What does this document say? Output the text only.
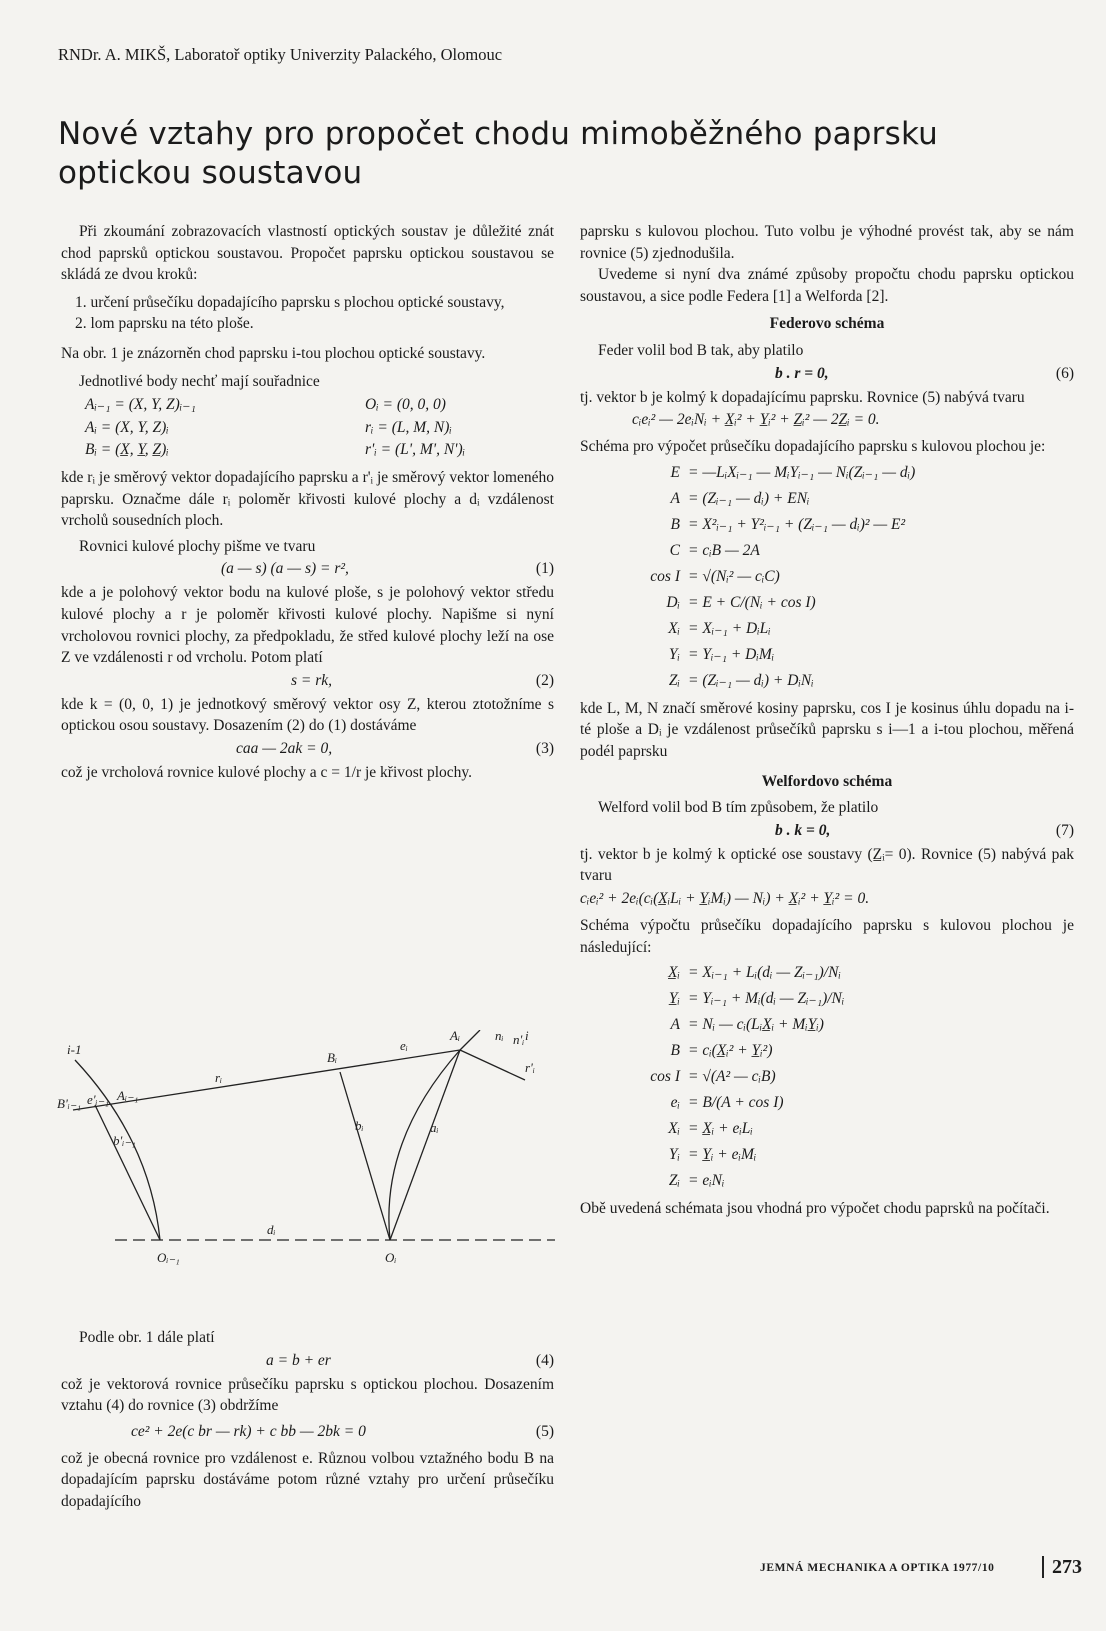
RNDr. A. MIKŠ, Laboratoř optiky Univerzity Palackého, Olomouc
Nové vztahy pro propočet chodu mimoběžného paprsku optickou soustavou

Při zkoumání zobrazovacích vlastností optických soustav je důležité znát chod paprsků optickou soustavou. Propočet paprsku optickou soustavou se skládá ze dvou kroků:

1. určení průsečíku dopadajícího paprsku s plochou optické soustavy,

2. lom paprsku na této ploše.

Na obr. 1 je znázorněn chod paprsku i-tou plochou optické soustavy.

Jednotlivé body nechť mají souřadnice

Aᵢ₋₁ = (X, Y, Z)ᵢ₋₁	Oᵢ = (0, 0, 0)
Aᵢ = (X, Y, Z)ᵢ	rᵢ = (L, M, N)ᵢ
Bᵢ = (X̲, Y̲, Z̲)ᵢ	r'ᵢ = (L', M', N')ᵢ

kde rᵢ je směrový vektor dopadajícího paprsku a r'ᵢ je směrový vektor lomeného paprsku. Označme dále rᵢ poloměr křivosti kulové plochy a dᵢ vzdálenost vrcholů sousedních ploch.

Rovnici kulové plochy pišme ve tvaru

(a — s) (a — s) = r²,	(1)

kde a je polohový vektor bodu na kulové ploše, s je polohový vektor středu kulové plochy a r je poloměr křivosti kulové plochy. Napišme si nyní vrcholovou rovnici plochy, za předpokladu, že střed kulové plochy leží na ose Z ve vzdálenosti r od vrcholu. Potom platí

s = rk,	(2)

kde k = (0, 0, 1) je jednotkový směrový vektor osy Z, kterou ztotožníme s optickou osou soustavy. Dosazením (2) do (1) dostáváme

caa — 2ak = 0,	(3)

což je vrcholová rovnice kulové plochy a c = 1/r je křivost plochy.

i-1
B'ᵢ₋₁ e'ᵢ₋₁ Aᵢ₋₁
b'ᵢ₋₁
rᵢ
Bᵢ
eᵢ
Aᵢ	nᵢ n'ᵢ i
bᵢ	aᵢ
r'ᵢ
Oᵢ₋₁
dᵢ
Oᵢ

Podle obr. 1 dále platí

a = b + er	(4)

což je vektorová rovnice průsečíku paprsku s optickou plochou. Dosazením vztahu (4) do rovnice (3) obdržíme

ce² + 2e(c br — rk) + c bb — 2bk = 0	(5)

což je obecná rovnice pro vzdálenost e. Různou volbou vztažného bodu B na dopadajícím paprsku dostáváme potom různé vztahy pro určení průsečíku dopadajícího

paprsku s kulovou plochou. Tuto volbu je výhodné provést tak, aby se nám rovnice (5) zjednodušila.

Uvedeme si nyní dva známé způsoby propočtu chodu paprsku optickou soustavou, a sice podle Federa [1] a Welforda [2].

Federovo schéma

Feder volil bod B tak, aby platilo

b . r = 0,	(6)

tj. vektor b je kolmý k dopadajícímu paprsku. Rovnice (5) nabývá tvaru

cᵢeᵢ² — 2eᵢNᵢ + X̲ᵢ² + Y̲ᵢ² + Z̲ᵢ² — 2Z̲ᵢ = 0.

Schéma pro výpočet průsečíku dopadajícího paprsku s kulovou plochou je:

E = —LᵢXᵢ₋₁ — MᵢYᵢ₋₁ — Nᵢ(Zᵢ₋₁ — dᵢ)
A = (Zᵢ₋₁ — dᵢ) + ENᵢ
B = X²ᵢ₋₁ + Y²ᵢ₋₁ + (Zᵢ₋₁ — dᵢ)² — E²
C = cᵢB — 2A
cos I = √(Nᵢ² — cᵢC)
Dᵢ = E + C/(Nᵢ + cos I)
Xᵢ = Xᵢ₋₁ + DᵢLᵢ
Yᵢ = Yᵢ₋₁ + DᵢMᵢ
Zᵢ = (Zᵢ₋₁ — dᵢ) + DᵢNᵢ

kde L, M, N značí směrové kosiny paprsku, cos I je kosinus úhlu dopadu na i-té ploše a Dᵢ je vzdálenost průsečíků paprsku s i—1 a i-tou plochou, měřená podél paprsku

Welfordovo schéma

Welford volil bod B tím způsobem, že platilo

b . k = 0,	(7)

tj. vektor b je kolmý k optické ose soustavy (Z̲ᵢ= 0). Rovnice (5) nabývá pak tvaru

cᵢeᵢ² + 2eᵢ(cᵢ(X̲ᵢLᵢ + Y̲ᵢMᵢ) — Nᵢ) + X̲ᵢ² + Y̲ᵢ² = 0.

Schéma výpočtu průsečíku dopadajícího paprsku s kulovou plochou je následující:

X̲ᵢ = Xᵢ₋₁ + Lᵢ(dᵢ — Zᵢ₋₁)/Nᵢ
Y̲ᵢ = Yᵢ₋₁ + Mᵢ(dᵢ — Zᵢ₋₁)/Nᵢ
A = Nᵢ — cᵢ(LᵢX̲ᵢ + MᵢY̲ᵢ)
B = cᵢ(X̲ᵢ² + Y̲ᵢ²)
cos I = √(A² — cᵢB)
eᵢ = B/(A + cos I)
Xᵢ = X̲ᵢ + eᵢLᵢ
Yᵢ = Y̲ᵢ + eᵢMᵢ
Zᵢ = eᵢNᵢ

Obě uvedená schémata jsou vhodná pro výpočet chodu paprsků na počítači.

JEMNÁ MECHANIKA A OPTIKA 1977/10	273
